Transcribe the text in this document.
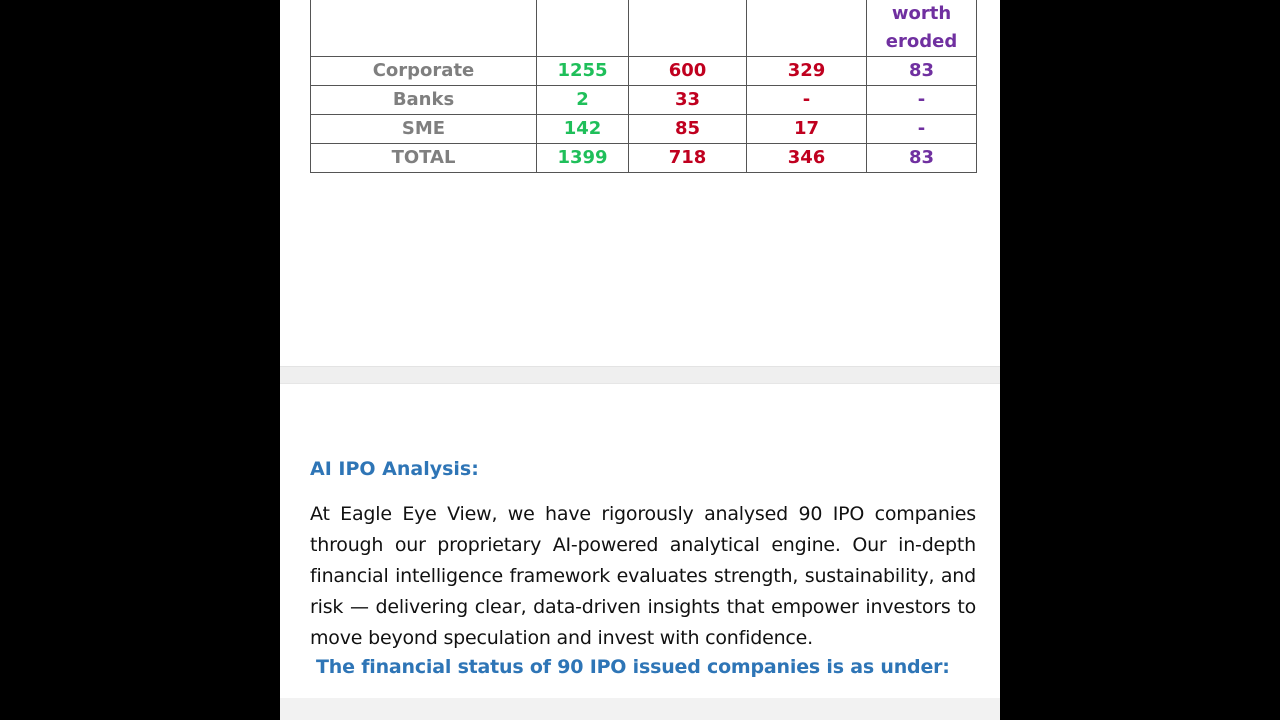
				worth
eroded

Corporate	1255	600	329	83
Banks	2	33	-	-
SME	142	85	17	-
TOTAL	1399	718	346	83
AI IPO Analysis:
At Eagle Eye View, we have rigorously analysed 90 IPO companies through our proprietary AI-powered analytical engine. Our in-depth financial intelligence framework evaluates strength, sustainability, and risk — delivering clear, data-driven insights that empower investors to move beyond speculation and invest with confidence.
The financial status of 90 IPO issued companies is as under:
